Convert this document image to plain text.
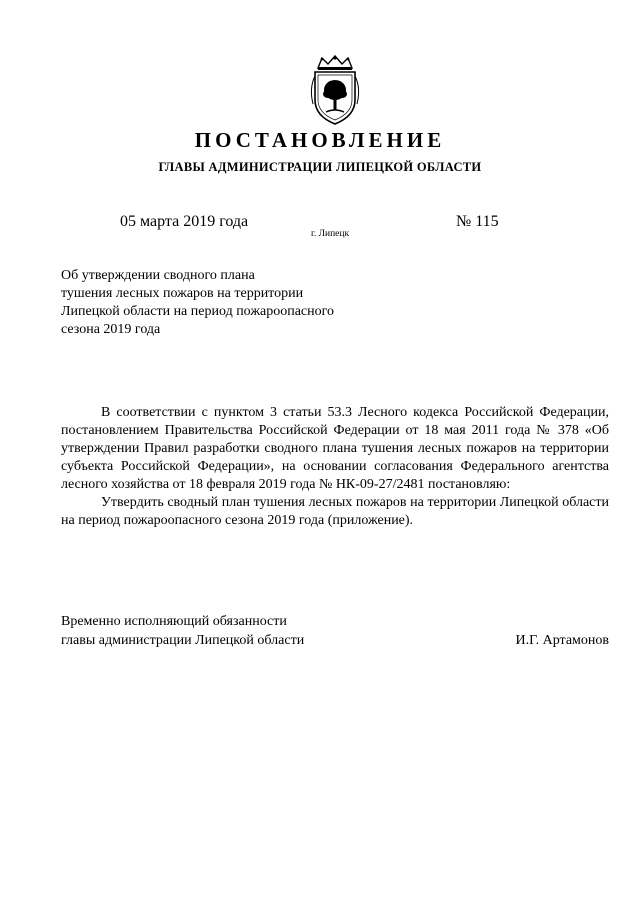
ПОСТАНОВЛЕНИЕ
ГЛАВЫ АДМИНИСТРАЦИИ ЛИПЕЦКОЙ ОБЛАСТИ
05 марта 2019 года
г. Липецк
№ 115
Об утверждении сводного плана
тушения лесных пожаров на территории
Липецкой области на период пожароопасного
сезона 2019 года

В соответствии с пунктом 3 статьи 53.3 Лесного кодекса Российской Федерации, постановлением Правительства Российской Федерации от 18 мая 2011 года № 378 «Об утверждении Правил разработки сводного плана тушения лесных пожаров на территории субъекта Российской Федерации», на основании согласования Федерального агентства лесного хозяйства от 18 февраля 2019 года № НК-09-27/2481 постановляю:

Утвердить сводный план тушения лесных пожаров на территории Липецкой области на период пожароопасного сезона 2019 года (приложение).

Временно исполняющий обязанности
главы администрации Липецкой области	И.Г. Артамонов
